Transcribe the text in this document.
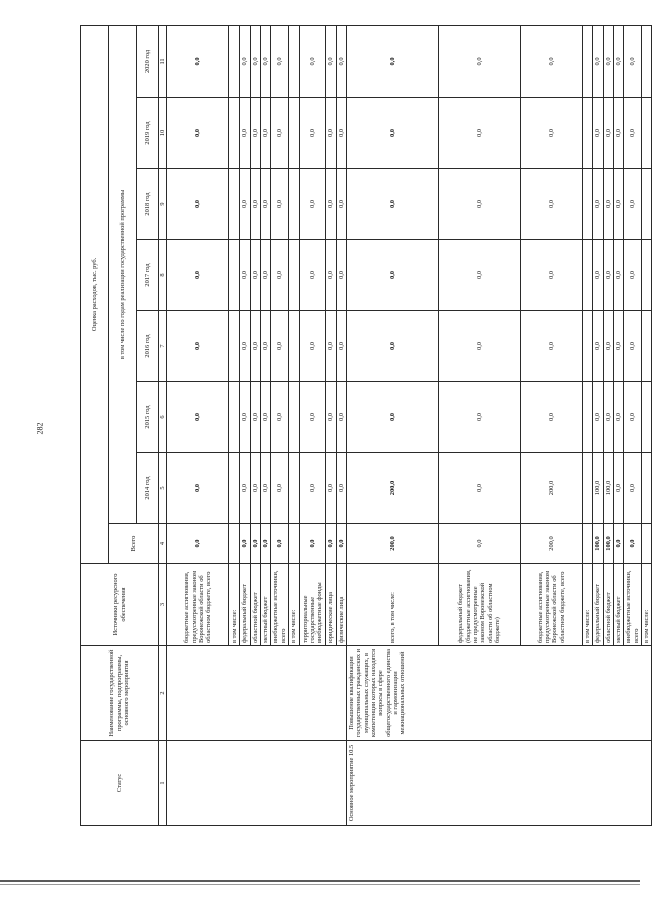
282
Статус	Наименование государственной программы, подпрограммы, основного мероприятия	Источники ресурсного обеспечения	Оценка расходов, тыс. руб.							
			Всего	в том числе по годам реализации государственной программы						
				2014 год	2015 год	2016 год	2017 год	2018 год	2019 год	2020 год
1	2	3	4	5	6	7	8	9	10	11
		бюджетные ассигнования, предусмотренные законом Воронежской области об областном бюджете, всего	0,0	0,0	0,0	0,0	0,0	0,0	0,0	0,0
		в том числе:								
		федеральный бюджет	0,0	0,0	0,0	0,0	0,0	0,0	0,0	0,0
		областной бюджет	0,0	0,0	0,0	0,0	0,0	0,0	0,0	0,0
		местный бюджет	0,0	0,0	0,0	0,0	0,0	0,0	0,0	0,0
		внебюджетные источники, всего	0,0	0,0	0,0	0,0	0,0	0,0	0,0	0,0
		в том числе:								
		территориальные государственные внебюджетные фонды	0,0	0,0	0,0	0,0	0,0	0,0	0,0	0,0
		юридические лица	0,0	0,0	0,0	0,0	0,0	0,0	0,0	0,0
		физические лица	0,0	0,0	0,0	0,0	0,0	0,0	0,0	0,0
Основное мероприятие 10.5	Повышение квалификации государственных гражданских и муниципальных служащих, в компетенции которых находятся вопросы в сфере общегосударственного единства и гармонизации межнациональных отношений	всего, в том числе:	200,0	200,0	0,0	0,0	0,0	0,0	0,0	0,0
		федеральный бюджет (бюджетные ассигнования, не предусмотренные законом Воронежской области об областном бюджете)	0,0	0,0	0,0	0,0	0,0	0,0	0,0	0,0
		бюджетные ассигнования, предусмотренные законом Воронежской области об областном бюджете, всего	200,0	200,0	0,0	0,0	0,0	0,0	0,0	0,0
		в том числе:								
		федеральный бюджет	100,0	100,0	0,0	0,0	0,0	0,0	0,0	0,0
		областной бюджет	100,0	100,0	0,0	0,0	0,0	0,0	0,0	0,0
		местный бюджет	0,0	0,0	0,0	0,0	0,0	0,0	0,0	0,0
		внебюджетные источники, всего	0,0	0,0	0,0	0,0	0,0	0,0	0,0	0,0
		в том числе:								
